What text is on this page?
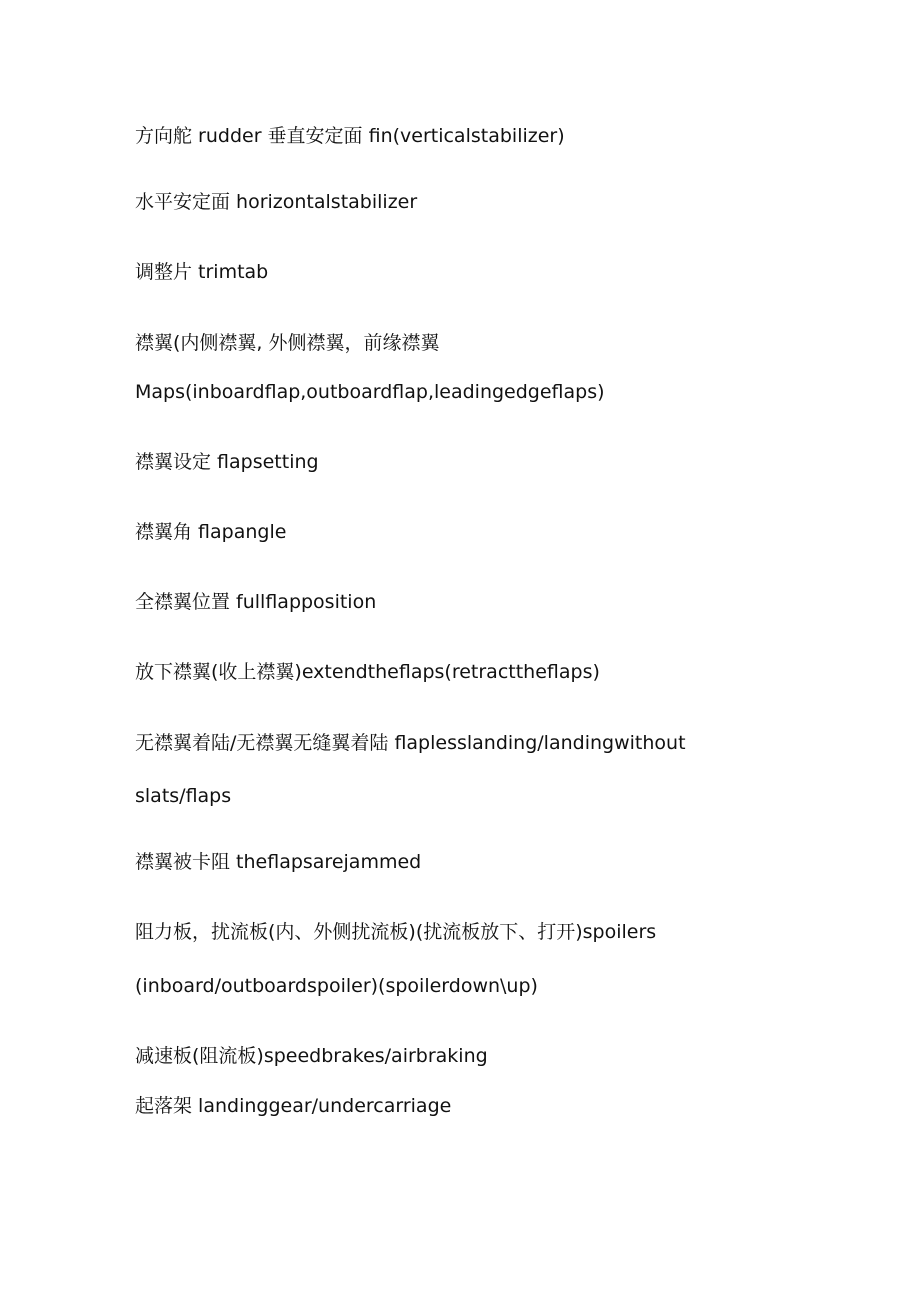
方向舵 rudder 垂直安定面 fin(verticalstabilizer)
水平安定面 horizontalstabilizer
调整片 trimtab
襟翼(内侧襟翼, 外侧襟翼，前缘襟翼
Maps(inboardflap,outboardflap,leadingedgeflaps)
襟翼设定 flapsetting
襟翼角 flapangle
全襟翼位置 fullflapposition
放下襟翼(收上襟翼)extendtheflaps(retracttheflaps)
无襟翼着陆/无襟翼无缝翼着陆 flaplesslanding/landingwithout
slats/flaps
襟翼被卡阻 theflapsarejammed
阻力板，扰流板(内、外侧扰流板)(扰流板放下、打开)spoilers
(inboard/outboardspoiler)(spoilerdown\up)
减速板(阻流板)speedbrakes/airbraking
起落架 landinggear/undercarriage
